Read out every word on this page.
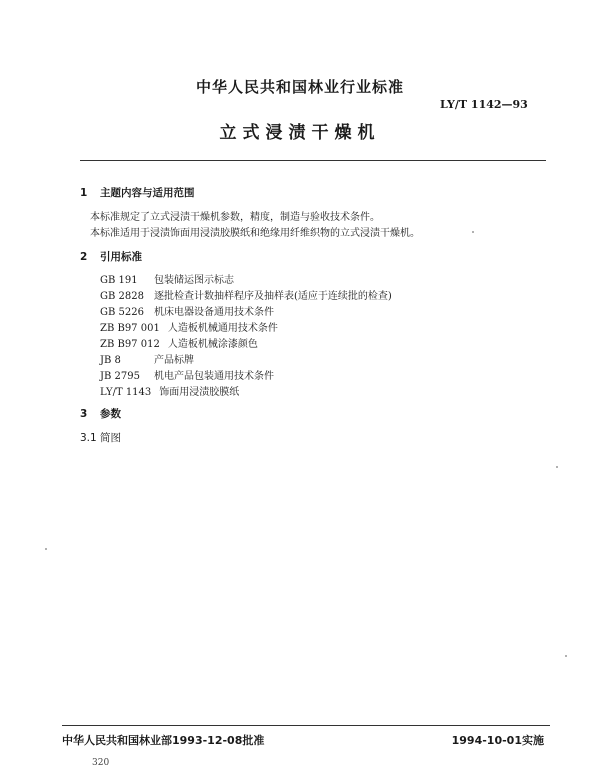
中华人民共和国林业行业标准
LY/T 1142—93
立式浸渍干燥机
1 主题内容与适用范围
本标准规定了立式浸渍干燥机参数，精度，制造与验收技术条件。
本标准适用于浸渍饰面用浸渍胶膜纸和绝缘用纤维织物的立式浸渍干燥机。
2 引用标准
GB 191 包装储运图示标志
GB 2828 逐批检查计数抽样程序及抽样表(适应于连续批的检查)
GB 5226 机床电器设备通用技术条件
ZB B97 001 人造板机械通用技术条件
ZB B97 012 人造板机械涂漆颜色
JB 8	产品标牌
JB 2795 机电产品包装通用技术条件
LY/T 1143 饰面用浸渍胶膜纸
3 参数
3.1 简图
中华人民共和国林业部1993-12-08批准	1994-10-01实施
320
